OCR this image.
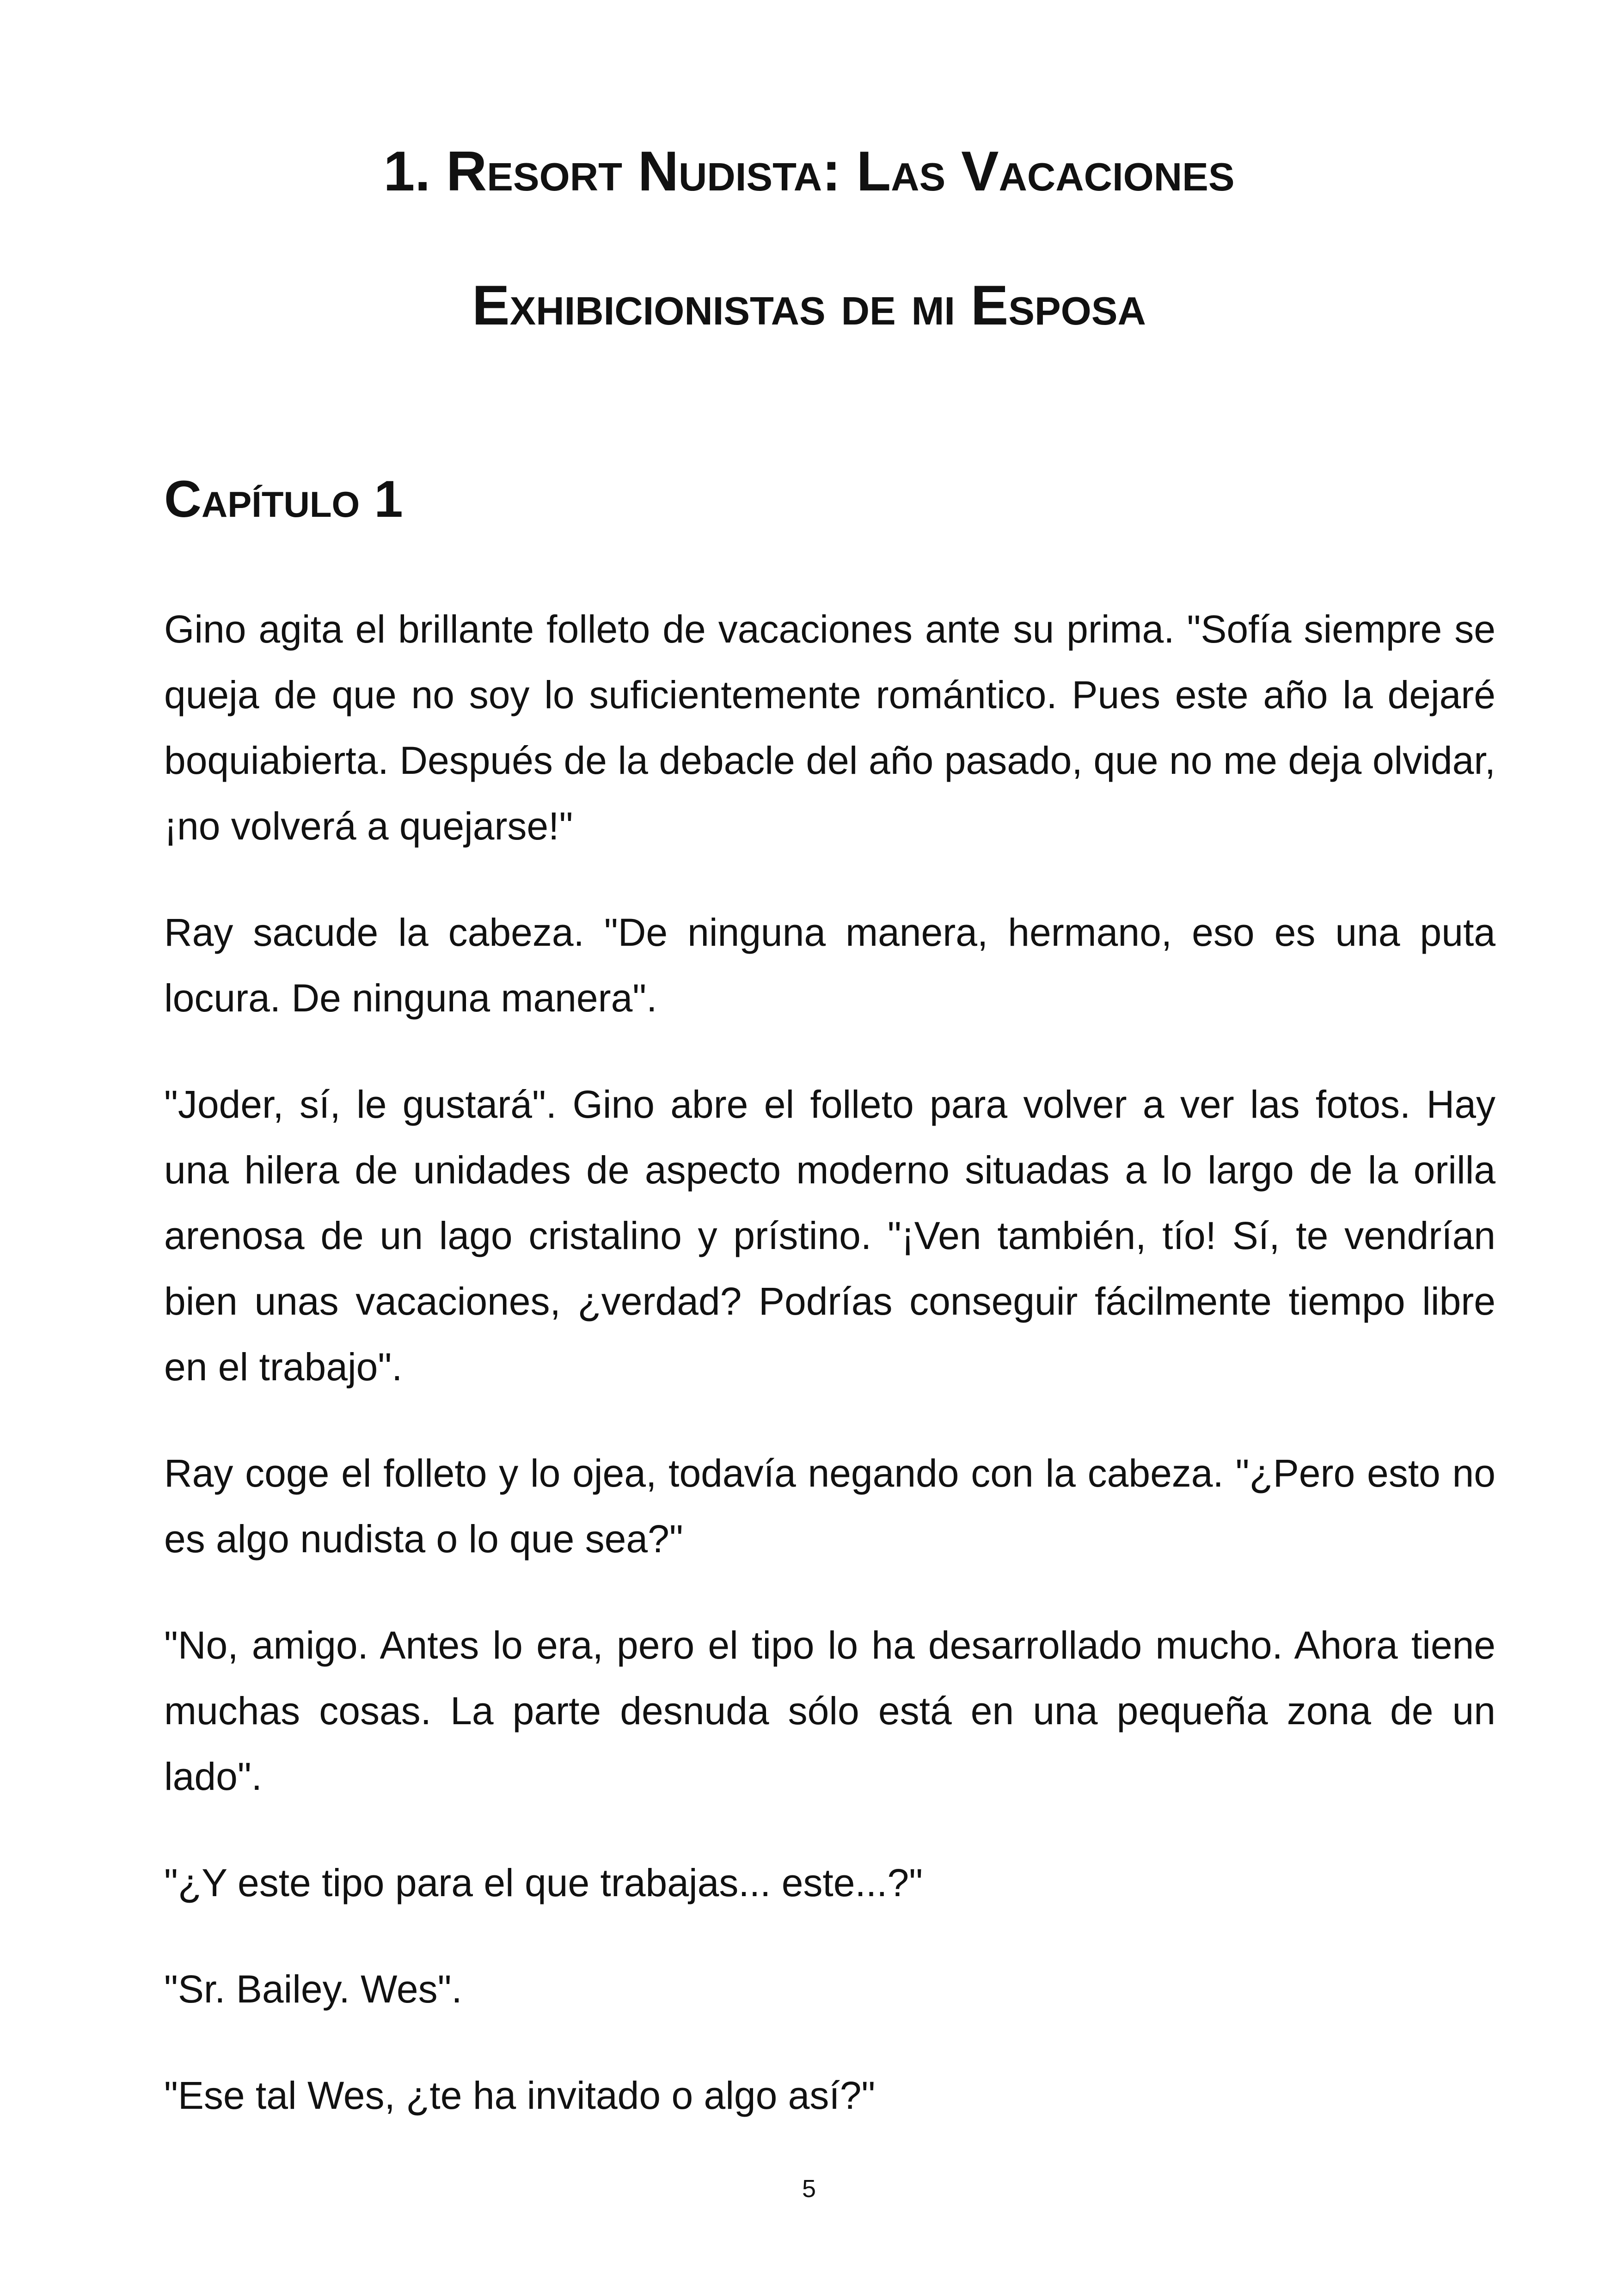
1. Resort Nudista: Las Vacaciones
Exhibicionistas de mi Esposa
Capítulo 1

Gino agita el brillante folleto de vacaciones ante su prima. "Sofía siempre se queja de que no soy lo suficientemente romántico. Pues este año la dejaré boquiabierta. Después de la debacle del año pasado, que no me deja olvidar, ¡no volverá a quejarse!"

Ray sacude la cabeza. "De ninguna manera, hermano, eso es una puta locura. De ninguna manera".

"Joder, sí, le gustará". Gino abre el folleto para volver a ver las fotos. Hay una hilera de unidades de aspecto moderno situadas a lo largo de la orilla arenosa de un lago cristalino y prístino. "¡Ven también, tío! Sí, te vendrían bien unas vacaciones, ¿verdad? Podrías conseguir fácilmente tiempo libre en el trabajo".

Ray coge el folleto y lo ojea, todavía negando con la cabeza. "¿Pero esto no es algo nudista o lo que sea?"

"No, amigo. Antes lo era, pero el tipo lo ha desarrollado mucho. Ahora tiene muchas cosas. La parte desnuda sólo está en una pequeña zona de un lado".

"¿Y este tipo para el que trabajas... este...?"

"Sr. Bailey. Wes".

"Ese tal Wes, ¿te ha invitado o algo así?"

5
